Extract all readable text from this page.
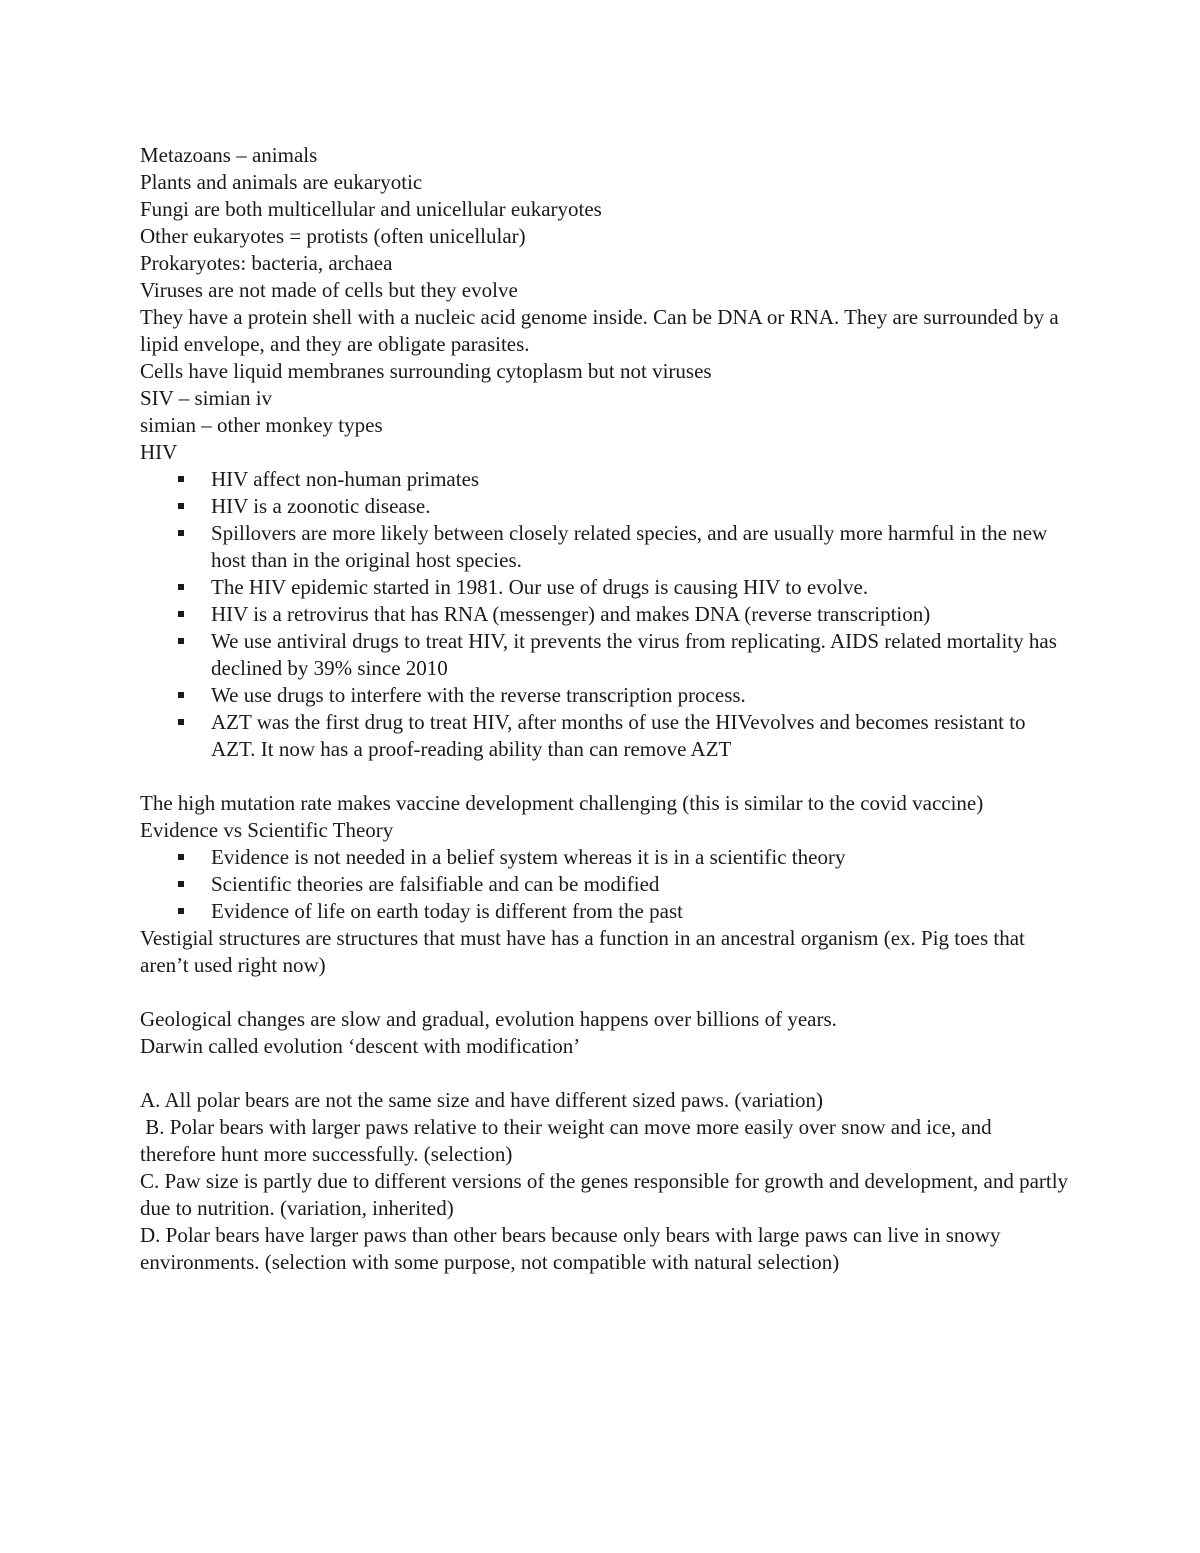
Metazoans – animals

Plants and animals are eukaryotic

Fungi are both multicellular and unicellular eukaryotes

Other eukaryotes = protists (often unicellular)

Prokaryotes: bacteria, archaea

Viruses are not made of cells but they evolve

They have a protein shell with a nucleic acid genome inside. Can be DNA or RNA. They are surrounded by a lipid envelope, and they are obligate parasites.

Cells have liquid membranes surrounding cytoplasm but not viruses

SIV – simian iv

simian – other monkey types

HIV

HIV affect non-human primates
HIV is a zoonotic disease.
Spillovers are more likely between closely related species, and are usually more harmful in the new host than in the original host species.
The HIV epidemic started in 1981. Our use of drugs is causing HIV to evolve.
HIV is a retrovirus that has RNA (messenger) and makes DNA (reverse transcription)
We use antiviral drugs to treat HIV, it prevents the virus from replicating. AIDS related mortality has declined by 39% since 2010
We use drugs to interfere with the reverse transcription process.
AZT was the first drug to treat HIV, after months of use the HIVevolves and becomes resistant to AZT. It now has a proof-reading ability than can remove AZT

The high mutation rate makes vaccine development challenging (this is similar to the covid vaccine)

Evidence vs Scientific Theory

Evidence is not needed in a belief system whereas it is in a scientific theory
Scientific theories are falsifiable and can be modified
Evidence of life on earth today is different from the past

Vestigial structures are structures that must have has a function in an ancestral organism (ex. Pig toes that aren’t used right now)

Geological changes are slow and gradual, evolution happens over billions of years.

Darwin called evolution ‘descent with modification’

A. All polar bears are not the same size and have different sized paws. (variation)

B. Polar bears with larger paws relative to their weight can move more easily over snow and ice, and therefore hunt more successfully. (selection)

C. Paw size is partly due to different versions of the genes responsible for growth and development, and partly due to nutrition. (variation, inherited)

D. Polar bears have larger paws than other bears because only bears with large paws can live in snowy environments. (selection with some purpose, not compatible with natural selection)
